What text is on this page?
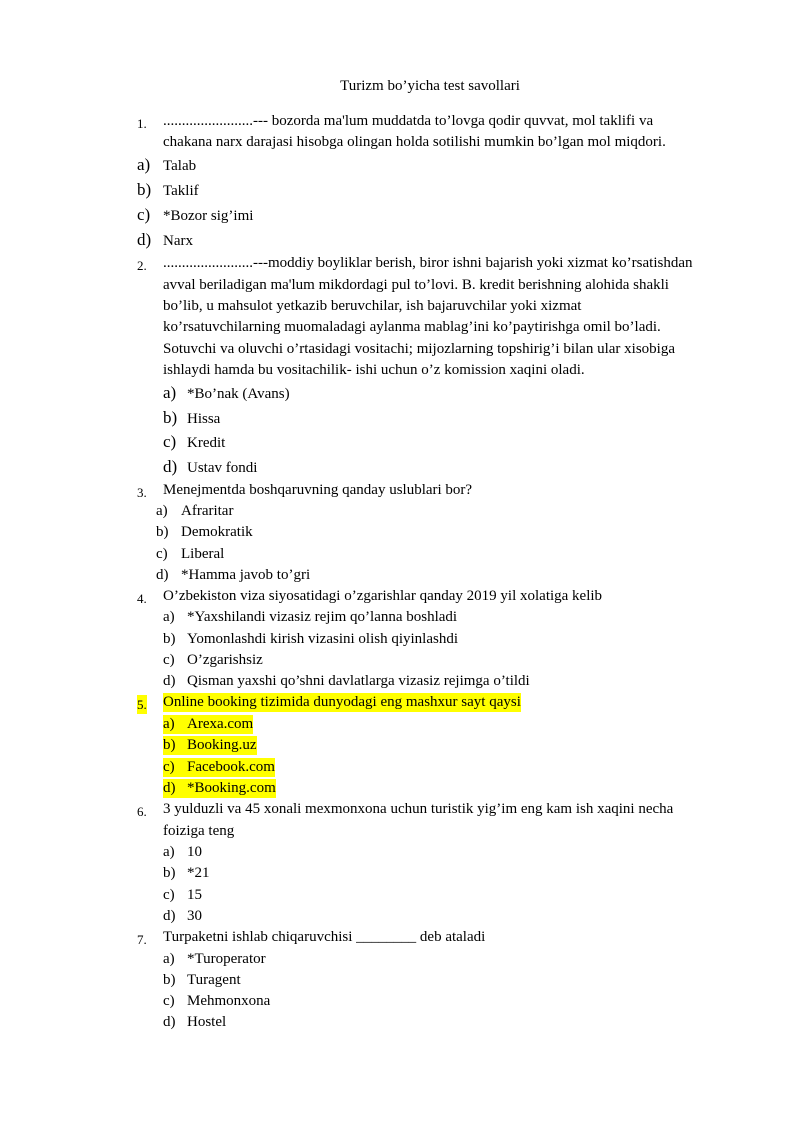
Turizm bo’yicha test savollari
1. ........................--- bozorda ma'lum muddatda to’lovga qodir quvvat, mol taklifi va
chakana narx darajasi hisobga olingan holda sotilishi mumkin bo’lgan mol miqdori.
a) Talab
b) Taklif
c) *Bozor sig’imi
d) Narx
2. ........................---moddiy boyliklar berish, biror ishni bajarish yoki xizmat ko’rsatishdan
avval beriladigan ma'lum mikdordagi pul to’lovi. B. kredit berishning alohida shakli
bo’lib, u mahsulot yetkazib beruvchilar, ish bajaruvchilar yoki xizmat
ko’rsatuvchilarning muomaladagi aylanma mablag’ini ko’paytirishga omil bo’ladi.
Sotuvchi va oluvchi o’rtasidagi vositachi; mijozlarning topshirig’i bilan ular xisobiga
ishlaydi hamda bu vositachilik- ishi uchun o’z komission xaqini oladi.
a) *Bo’nak (Avans)
b) Hissa
c) Kredit
d) Ustav fondi
3. Menejmentda boshqaruvning qanday uslublari bor?
a) Afraritar
b) Demokratik
c) Liberal
d) *Hamma javob to’gri
4. O’zbekiston viza siyosatidagi o’zgarishlar qanday 2019 yil xolatiga kelib
a) *Yaxshilandi vizasiz rejim qo’lanna boshladi
b) Yomonlashdi kirish vizasini olish qiyinlashdi
c) O’zgarishsiz
d) Qisman yaxshi qo’shni davlatlarga vizasiz rejimga o’tildi
5. Online booking tizimida dunyodagi eng mashxur sayt qaysi
a) Arexa.com
b) Booking.uz
c) Facebook.com
d) *Booking.com
6. 3 yulduzli va 45 xonali mexmonxona uchun turistik yig’im eng kam ish xaqini necha
foiziga teng
a) 10
b) *21
c) 15
d) 30
7. Turpaketni ishlab chiqaruvchisi ________ deb ataladi
a) *Turoperator
b) Turagent
c) Mehmonxona
d) Hostel
